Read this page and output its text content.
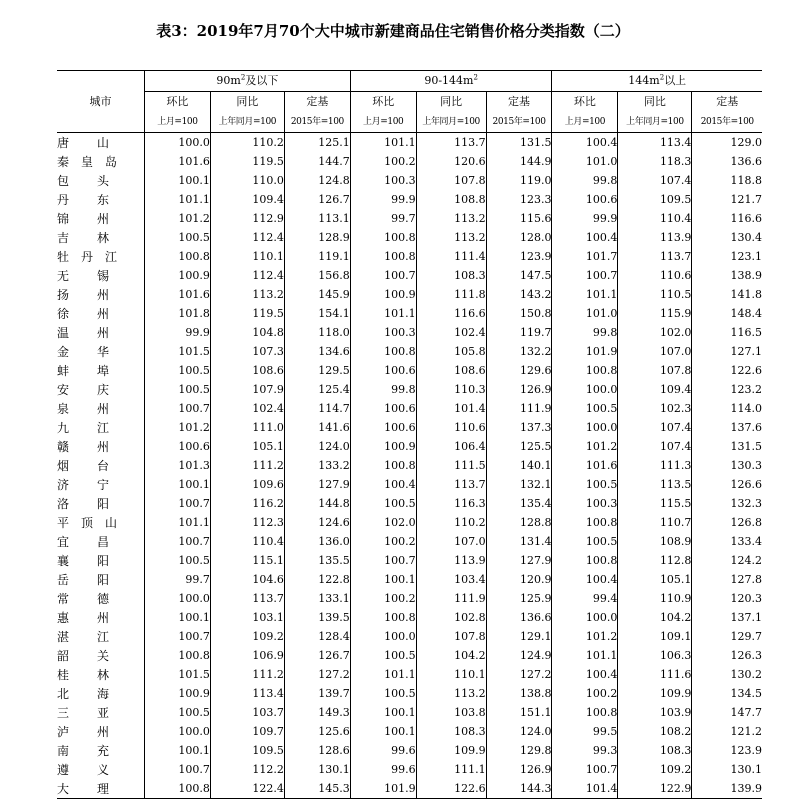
表3：2019年7月70个大中城市新建商品住宅销售价格分类指数（二）
城市	$90m^2$及以下			$90-144m^2$			$144m^2$以上		
	环比	同比	定基	环比	同比	定基	环比	同比	定基
	上月=100	上年同月=100	2015年=100	上月=100	上年同月=100	2015年=100	上月=100	上年同月=100	2015年=100
唐 山	100.0	110.2	125.1	101.1	113.7	131.5	100.4	113.4	129.0
秦皇岛	101.6	119.5	144.7	100.2	120.6	144.9	101.0	118.3	136.6
包 头	100.1	110.0	124.8	100.3	107.8	119.0	99.8	107.4	118.8
丹 东	101.1	109.4	126.7	99.9	108.8	123.3	100.6	109.5	121.7
锦 州	101.2	112.9	113.1	99.7	113.2	115.6	99.9	110.4	116.6
吉 林	100.5	112.4	128.9	100.8	113.2	128.0	100.4	113.9	130.4
牡丹江	100.8	110.1	119.1	100.8	111.4	123.9	101.7	113.7	123.1
无 锡	100.9	112.4	156.8	100.7	108.3	147.5	100.7	110.6	138.9
扬 州	101.6	113.2	145.9	100.9	111.8	143.2	101.1	110.5	141.8
徐 州	101.8	119.5	154.1	101.1	116.6	150.8	101.0	115.9	148.4
温 州	99.9	104.8	118.0	100.3	102.4	119.7	99.8	102.0	116.5
金 华	101.5	107.3	134.6	100.8	105.8	132.2	101.9	107.0	127.1
蚌 埠	100.5	108.6	129.5	100.6	108.6	129.6	100.8	107.8	122.6
安 庆	100.5	107.9	125.4	99.8	110.3	126.9	100.0	109.4	123.2
泉 州	100.7	102.4	114.7	100.6	101.4	111.9	100.5	102.3	114.0
九 江	101.2	111.0	141.6	100.6	110.6	137.3	100.0	107.4	137.6
赣 州	100.6	105.1	124.0	100.9	106.4	125.5	101.2	107.4	131.5
烟 台	101.3	111.2	133.2	100.8	111.5	140.1	101.6	111.3	130.3
济 宁	100.1	109.6	127.9	100.4	113.7	132.1	100.5	113.5	126.6
洛 阳	100.7	116.2	144.8	100.5	116.3	135.4	100.3	115.5	132.3
平顶山	101.1	112.3	124.6	102.0	110.2	128.8	100.8	110.7	126.8
宜 昌	100.7	110.4	136.0	100.2	107.0	131.4	100.5	108.9	133.4
襄 阳	100.5	115.1	135.5	100.7	113.9	127.9	100.8	112.8	124.2
岳 阳	99.7	104.6	122.8	100.1	103.4	120.9	100.4	105.1	127.8
常 德	100.0	113.7	133.1	100.2	111.9	125.9	99.4	110.9	120.3
惠 州	100.1	103.1	139.5	100.8	102.8	136.6	100.0	104.2	137.1
湛 江	100.7	109.2	128.4	100.0	107.8	129.1	101.2	109.1	129.7
韶 关	100.8	106.9	126.7	100.5	104.2	124.9	101.1	106.3	126.3
桂 林	101.5	111.2	127.2	101.1	110.1	127.2	100.4	111.6	130.2
北 海	100.9	113.4	139.7	100.5	113.2	138.8	100.2	109.9	134.5
三 亚	100.5	103.7	149.3	100.1	103.8	151.1	100.8	103.9	147.7
泸 州	100.0	109.7	125.6	100.1	108.3	124.0	99.5	108.2	121.2
南 充	100.1	109.5	128.6	99.6	109.9	129.8	99.3	108.3	123.9
遵 义	100.7	112.2	130.1	99.6	111.1	126.9	100.7	109.2	130.1
大 理	100.8	122.4	145.3	101.9	122.6	144.3	101.4	122.9	139.9
